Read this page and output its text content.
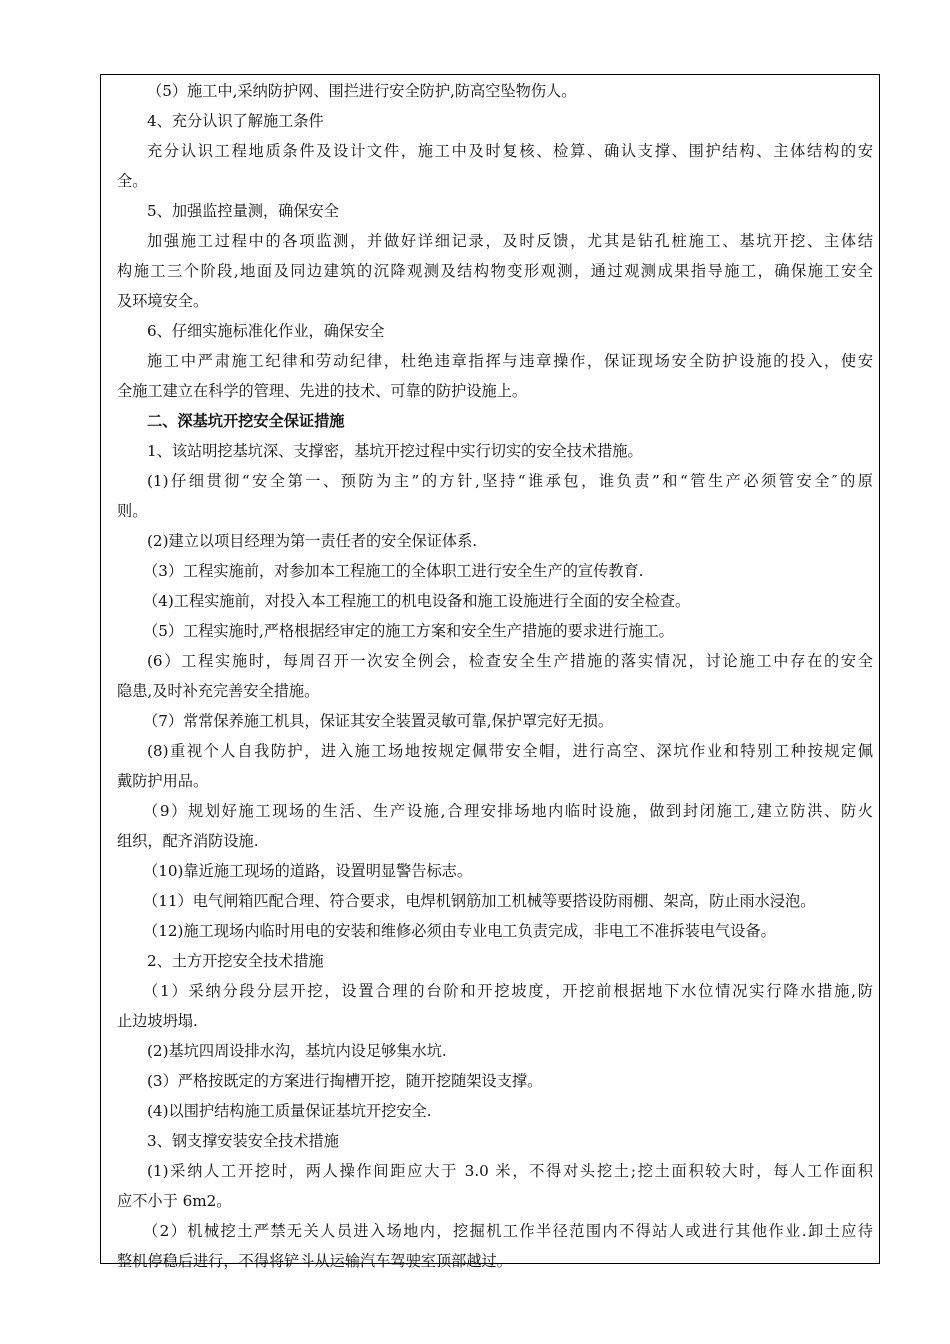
（5）施工中,采纳防护网、围拦进行安全防护,防高空坠物伤人。
4、充分认识了解施工条件
充分认识工程地质条件及设计文件，施工中及时复核、检算、确认支撑、围护结构、主体结构的安
全。
5、加强监控量测，确保安全
加强施工过程中的各项监测，并做好详细记录，及时反馈，尤其是钻孔桩施工、基坑开挖、主体结
构施工三个阶段,地面及同边建筑的沉降观测及结构物变形观测，通过观测成果指导施工，确保施工安全
及环境安全。
6、仔细实施标准化作业，确保安全
施工中严肃施工纪律和劳动纪律，杜绝违章指挥与违章操作，保证现场安全防护设施的投入，使安
全施工建立在科学的管理、先进的技术、可靠的防护设施上。
二、深基坑开挖安全保证措施
1、该站明挖基坑深、支撑密，基坑开挖过程中实行切实的安全技术措施。
(1)仔细贯彻“安全第一、预防为主”的方针,坚持“谁承包，谁负责”和“管生产必须管安全″的原
则。
(2)建立以项目经理为第一责任者的安全保证体系.
（3）工程实施前，对参加本工程施工的全体职工进行安全生产的宣传教育.
（4)工程实施前，对投入本工程施工的机电设备和施工设施进行全面的安全检查。
（5）工程实施时,严格根据经审定的施工方案和安全生产措施的要求进行施工。
(6）工程实施时，每周召开一次安全例会，检查安全生产措施的落实情况，讨论施工中存在的安全
隐患,及时补充完善安全措施。
（7）常常保养施工机具，保证其安全装置灵敏可靠,保护罩完好无损。
(8)重视个人自我防护，进入施工场地按规定佩带安全帽，进行高空、深坑作业和特别工种按规定佩
戴防护用品。
（9）规划好施工现场的生活、生产设施,合理安排场地内临时设施，做到封闭施工,建立防洪、防火
组织，配齐消防设施.
（10)靠近施工现场的道路，设置明显警告标志。
（11）电气闸箱匹配合理、符合要求，电焊机钢筋加工机械等要搭设防雨棚、架高，防止雨水浸泡。
（12)施工现场内临时用电的安装和维修必须由专业电工负责完成，非电工不准拆装电气设备。
2、土方开挖安全技术措施
（1）采纳分段分层开挖，设置合理的台阶和开挖坡度，开挖前根据地下水位情况实行降水措施,防
止边坡坍塌.
(2)基坑四周设排水沟，基坑内设足够集水坑.
(3）严格按既定的方案进行掏槽开挖，随开挖随架设支撑。
(4)以围护结构施工质量保证基坑开挖安全.
3、钢支撑安装安全技术措施
(1)采纳人工开挖时，两人操作间距应大于 3.0 米，不得对头挖土;挖土面积较大时，每人工作面积
应不小于 6m2。
（2）机械挖土严禁无关人员进入场地内，挖掘机工作半径范围内不得站人或进行其他作业.卸土应待
整机停稳后进行，不得将铲斗从运输汽车驾驶室顶部越过。
